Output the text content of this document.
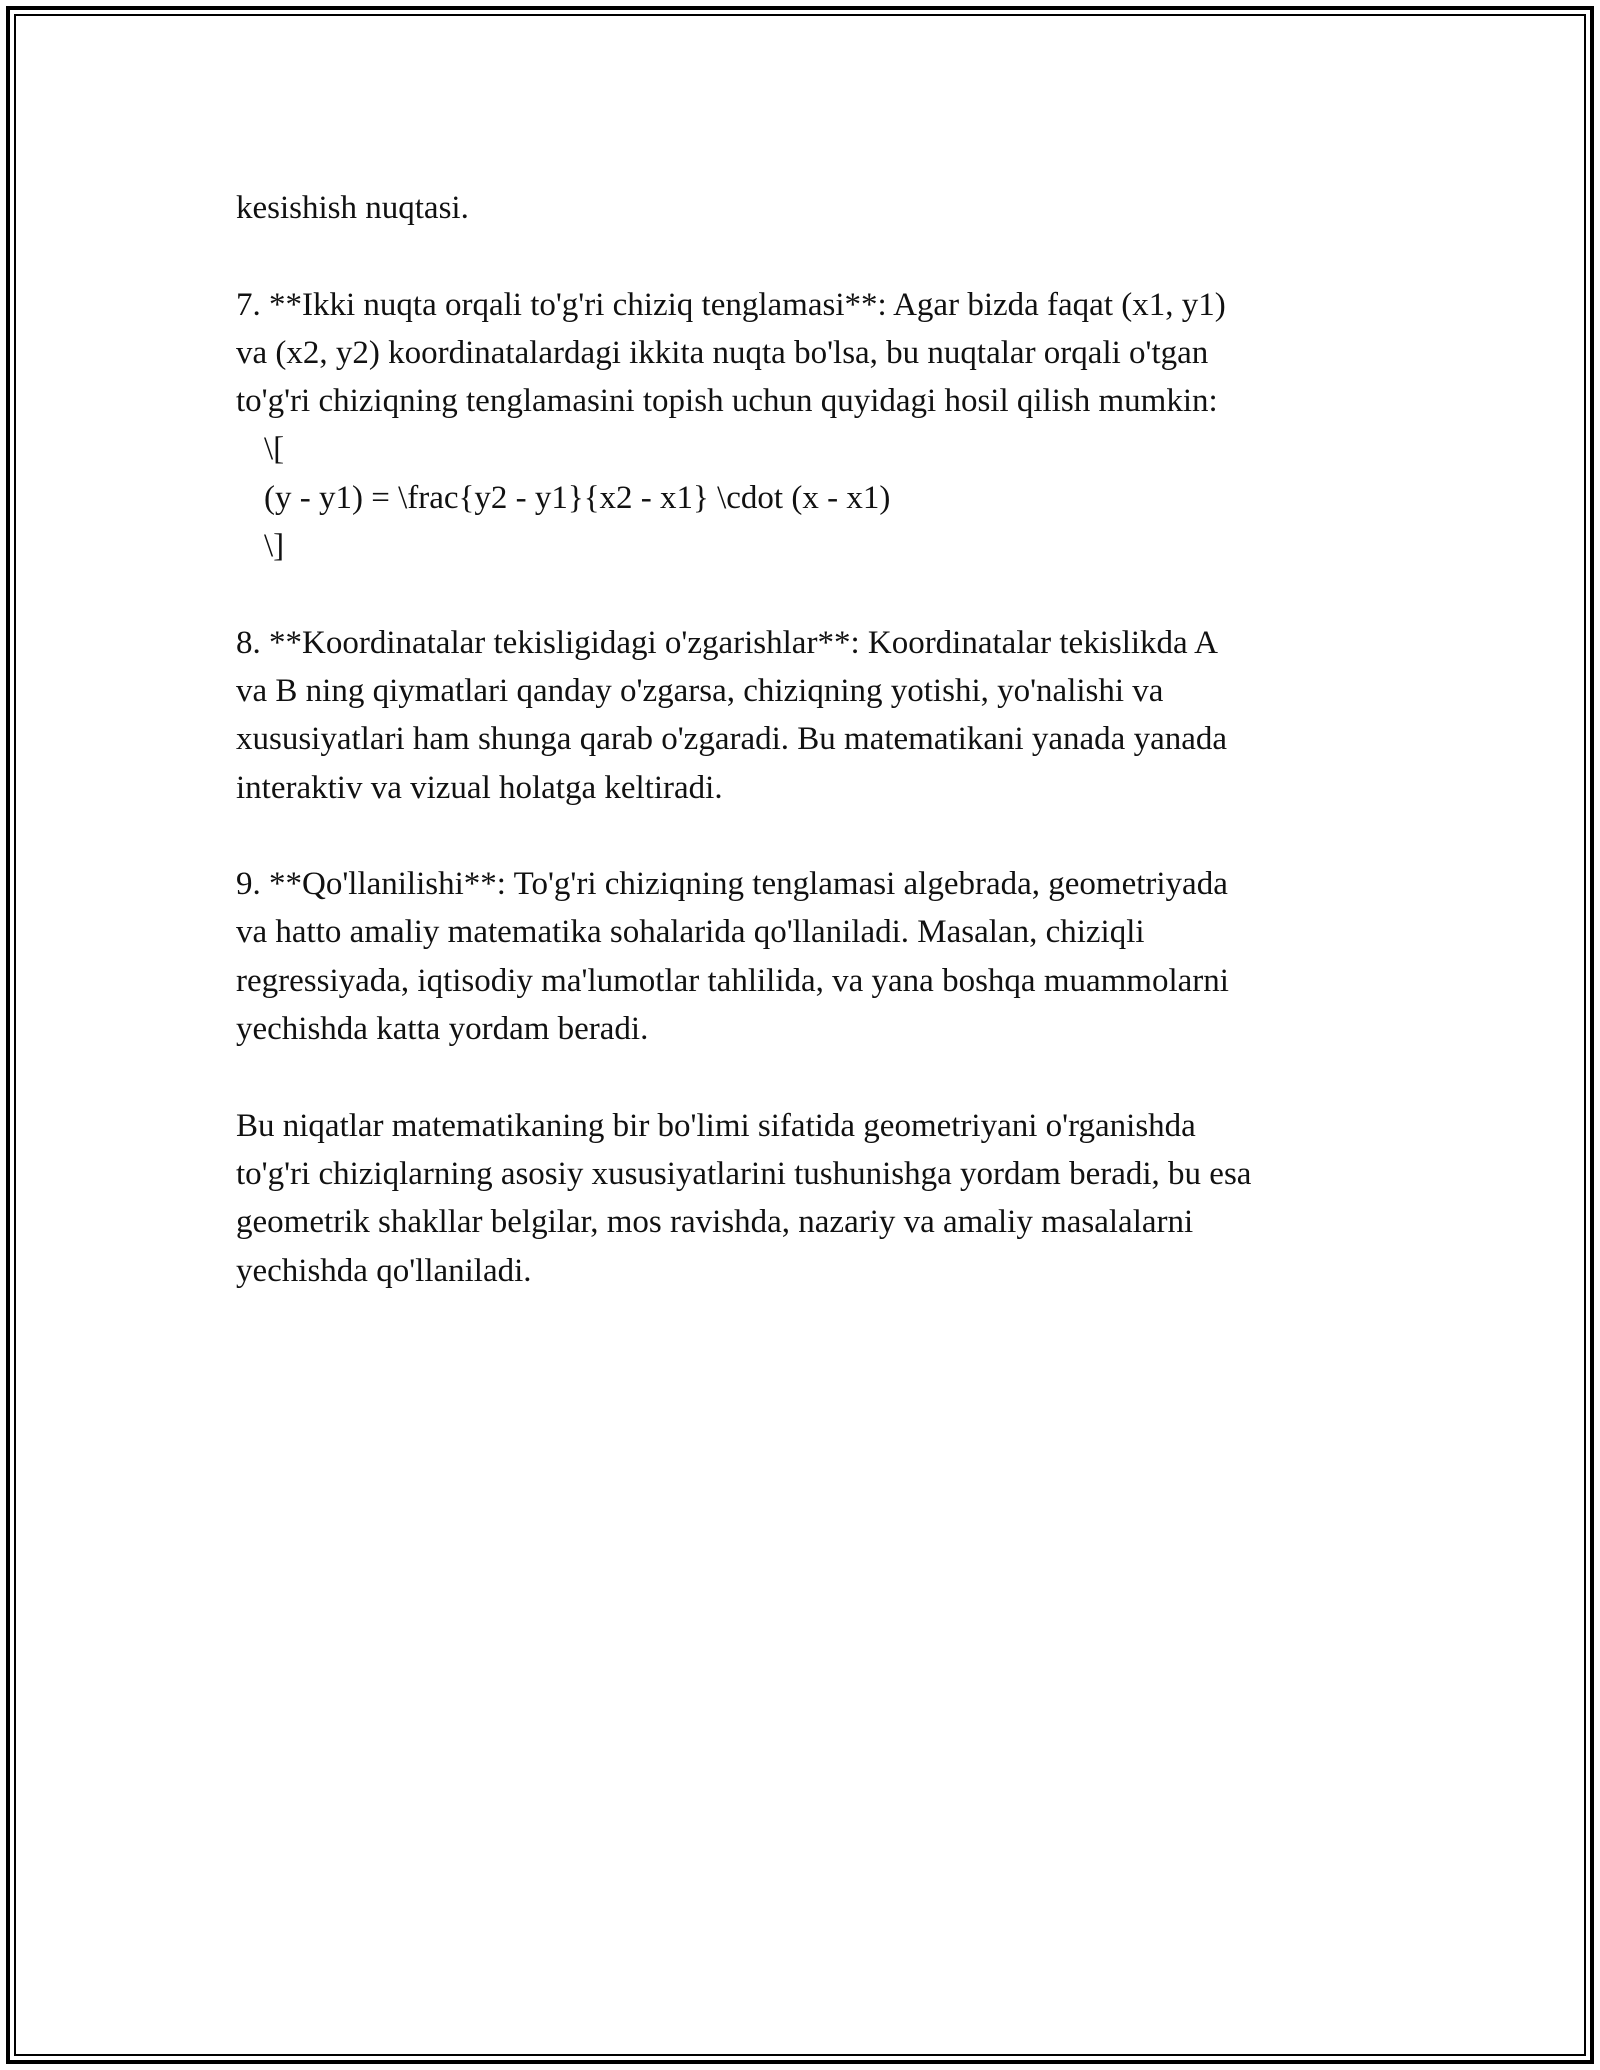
kesishish nuqtasi.
7. **Ikki nuqta orqali to'g'ri chiziq tenglamasi**: Agar bizda faqat (x1, y1)
va (x2, y2) koordinatalardagi ikkita nuqta bo'lsa, bu nuqtalar orqali o'tgan
to'g'ri chiziqning tenglamasini topish uchun quyidagi hosil qilish mumkin:
\[
(y - y1) = \frac{y2 - y1}{x2 - x1} \cdot (x - x1)
\]
8. **Koordinatalar tekisligidagi o'zgarishlar**: Koordinatalar tekislikda A
va B ning qiymatlari qanday o'zgarsa, chiziqning yotishi, yo'nalishi va
xususiyatlari ham shunga qarab o'zgaradi. Bu matematikani yanada yanada
interaktiv va vizual holatga keltiradi.
9. **Qo'llanilishi**: To'g'ri chiziqning tenglamasi algebrada, geometriyada
va hatto amaliy matematika sohalarida qo'llaniladi. Masalan, chiziqli
regressiyada, iqtisodiy ma'lumotlar tahlilida, va yana boshqa muammolarni
yechishda katta yordam beradi.
Bu niqatlar matematikaning bir bo'limi sifatida geometriyani o'rganishda
to'g'ri chiziqlarning asosiy xususiyatlarini tushunishga yordam beradi, bu esa
geometrik shakllar belgilar, mos ravishda, nazariy va amaliy masalalarni
yechishda qo'llaniladi.
